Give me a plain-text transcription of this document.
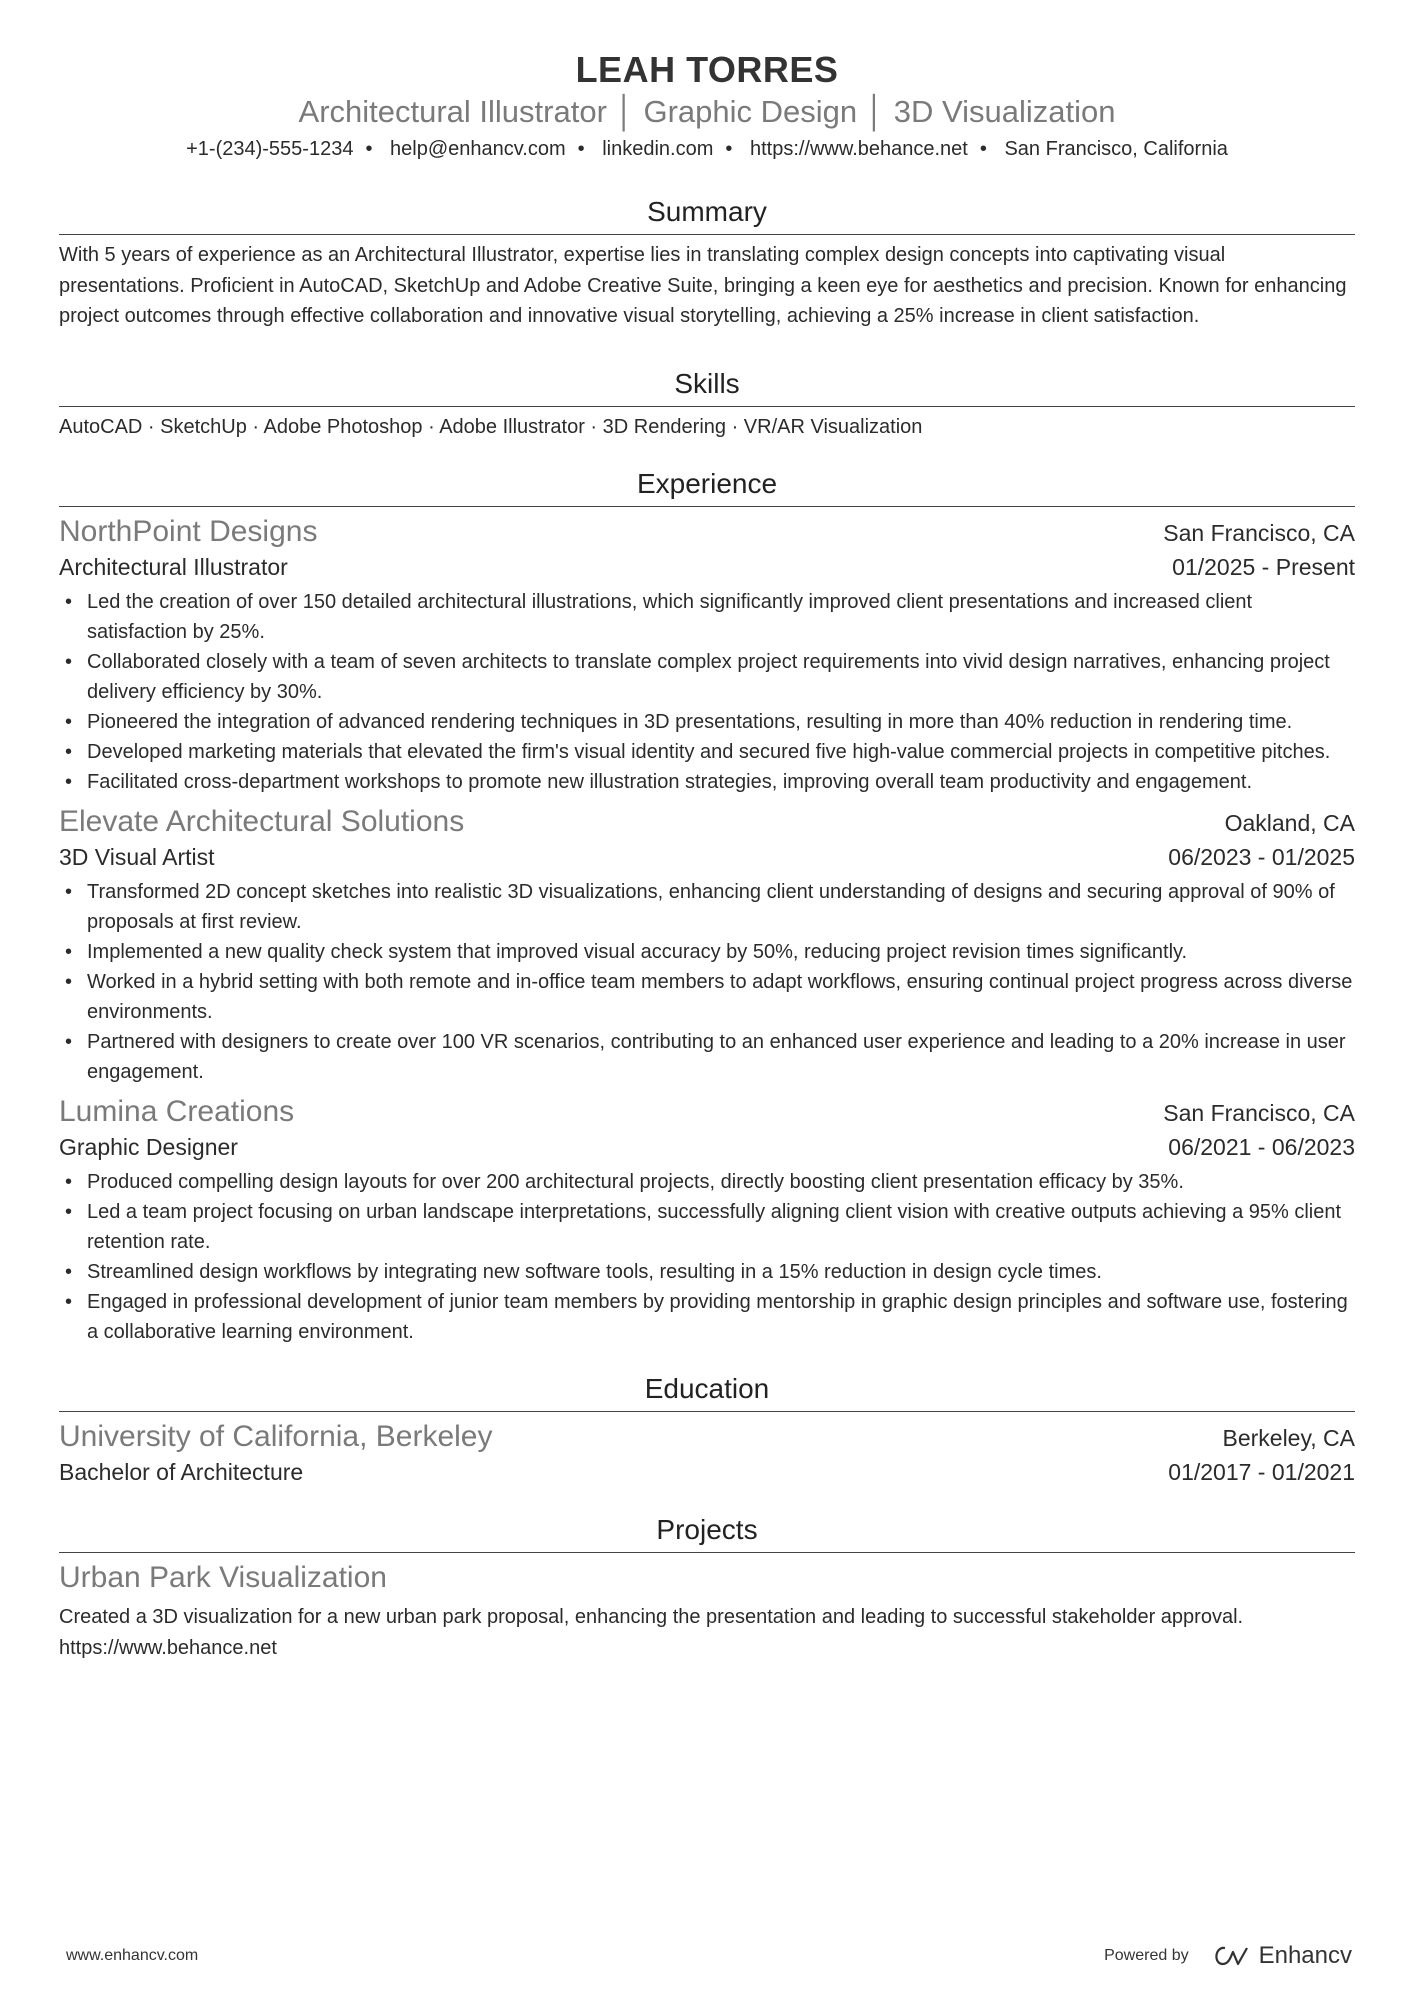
LEAH TORRES
Architectural Illustrator │ Graphic Design │ 3D Visualization
+1-(234)-555-1234 • help@enhancv.com • linkedin.com • https://www.behance.net • San Francisco, California
Summary
With 5 years of experience as an Architectural Illustrator, expertise lies in translating complex design concepts into captivating visual presentations. Proficient in AutoCAD, SketchUp and Adobe Creative Suite, bringing a keen eye for aesthetics and precision. Known for enhancing project outcomes through effective collaboration and innovative visual storytelling, achieving a 25% increase in client satisfaction.
Skills
AutoCAD · SketchUp · Adobe Photoshop · Adobe Illustrator · 3D Rendering · VR/AR Visualization
Experience
NorthPoint Designs	San Francisco, CA
Architectural Illustrator	01/2025 - Present
• Led the creation of over 150 detailed architectural illustrations, which significantly improved client presentations and increased client satisfaction by 25%.
• Collaborated closely with a team of seven architects to translate complex project requirements into vivid design narratives, enhancing project delivery efficiency by 30%.
• Pioneered the integration of advanced rendering techniques in 3D presentations, resulting in more than 40% reduction in rendering time.
• Developed marketing materials that elevated the firm's visual identity and secured five high-value commercial projects in competitive pitches.
• Facilitated cross-department workshops to promote new illustration strategies, improving overall team productivity and engagement.
Elevate Architectural Solutions	Oakland, CA
3D Visual Artist	06/2023 - 01/2025
• Transformed 2D concept sketches into realistic 3D visualizations, enhancing client understanding of designs and securing approval of 90% of proposals at first review.
• Implemented a new quality check system that improved visual accuracy by 50%, reducing project revision times significantly.
• Worked in a hybrid setting with both remote and in-office team members to adapt workflows, ensuring continual project progress across diverse environments.
• Partnered with designers to create over 100 VR scenarios, contributing to an enhanced user experience and leading to a 20% increase in user engagement.
Lumina Creations	San Francisco, CA
Graphic Designer	06/2021 - 06/2023
• Produced compelling design layouts for over 200 architectural projects, directly boosting client presentation efficacy by 35%.
• Led a team project focusing on urban landscape interpretations, successfully aligning client vision with creative outputs achieving a 95% client retention rate.
• Streamlined design workflows by integrating new software tools, resulting in a 15% reduction in design cycle times.
• Engaged in professional development of junior team members by providing mentorship in graphic design principles and software use, fostering a collaborative learning environment.
Education
University of California, Berkeley	Berkeley, CA
Bachelor of Architecture	01/2017 - 01/2021
Projects
Urban Park Visualization
Created a 3D visualization for a new urban park proposal, enhancing the presentation and leading to successful stakeholder approval. https://www.behance.net
www.enhancv.com	Powered by	Enhancv
